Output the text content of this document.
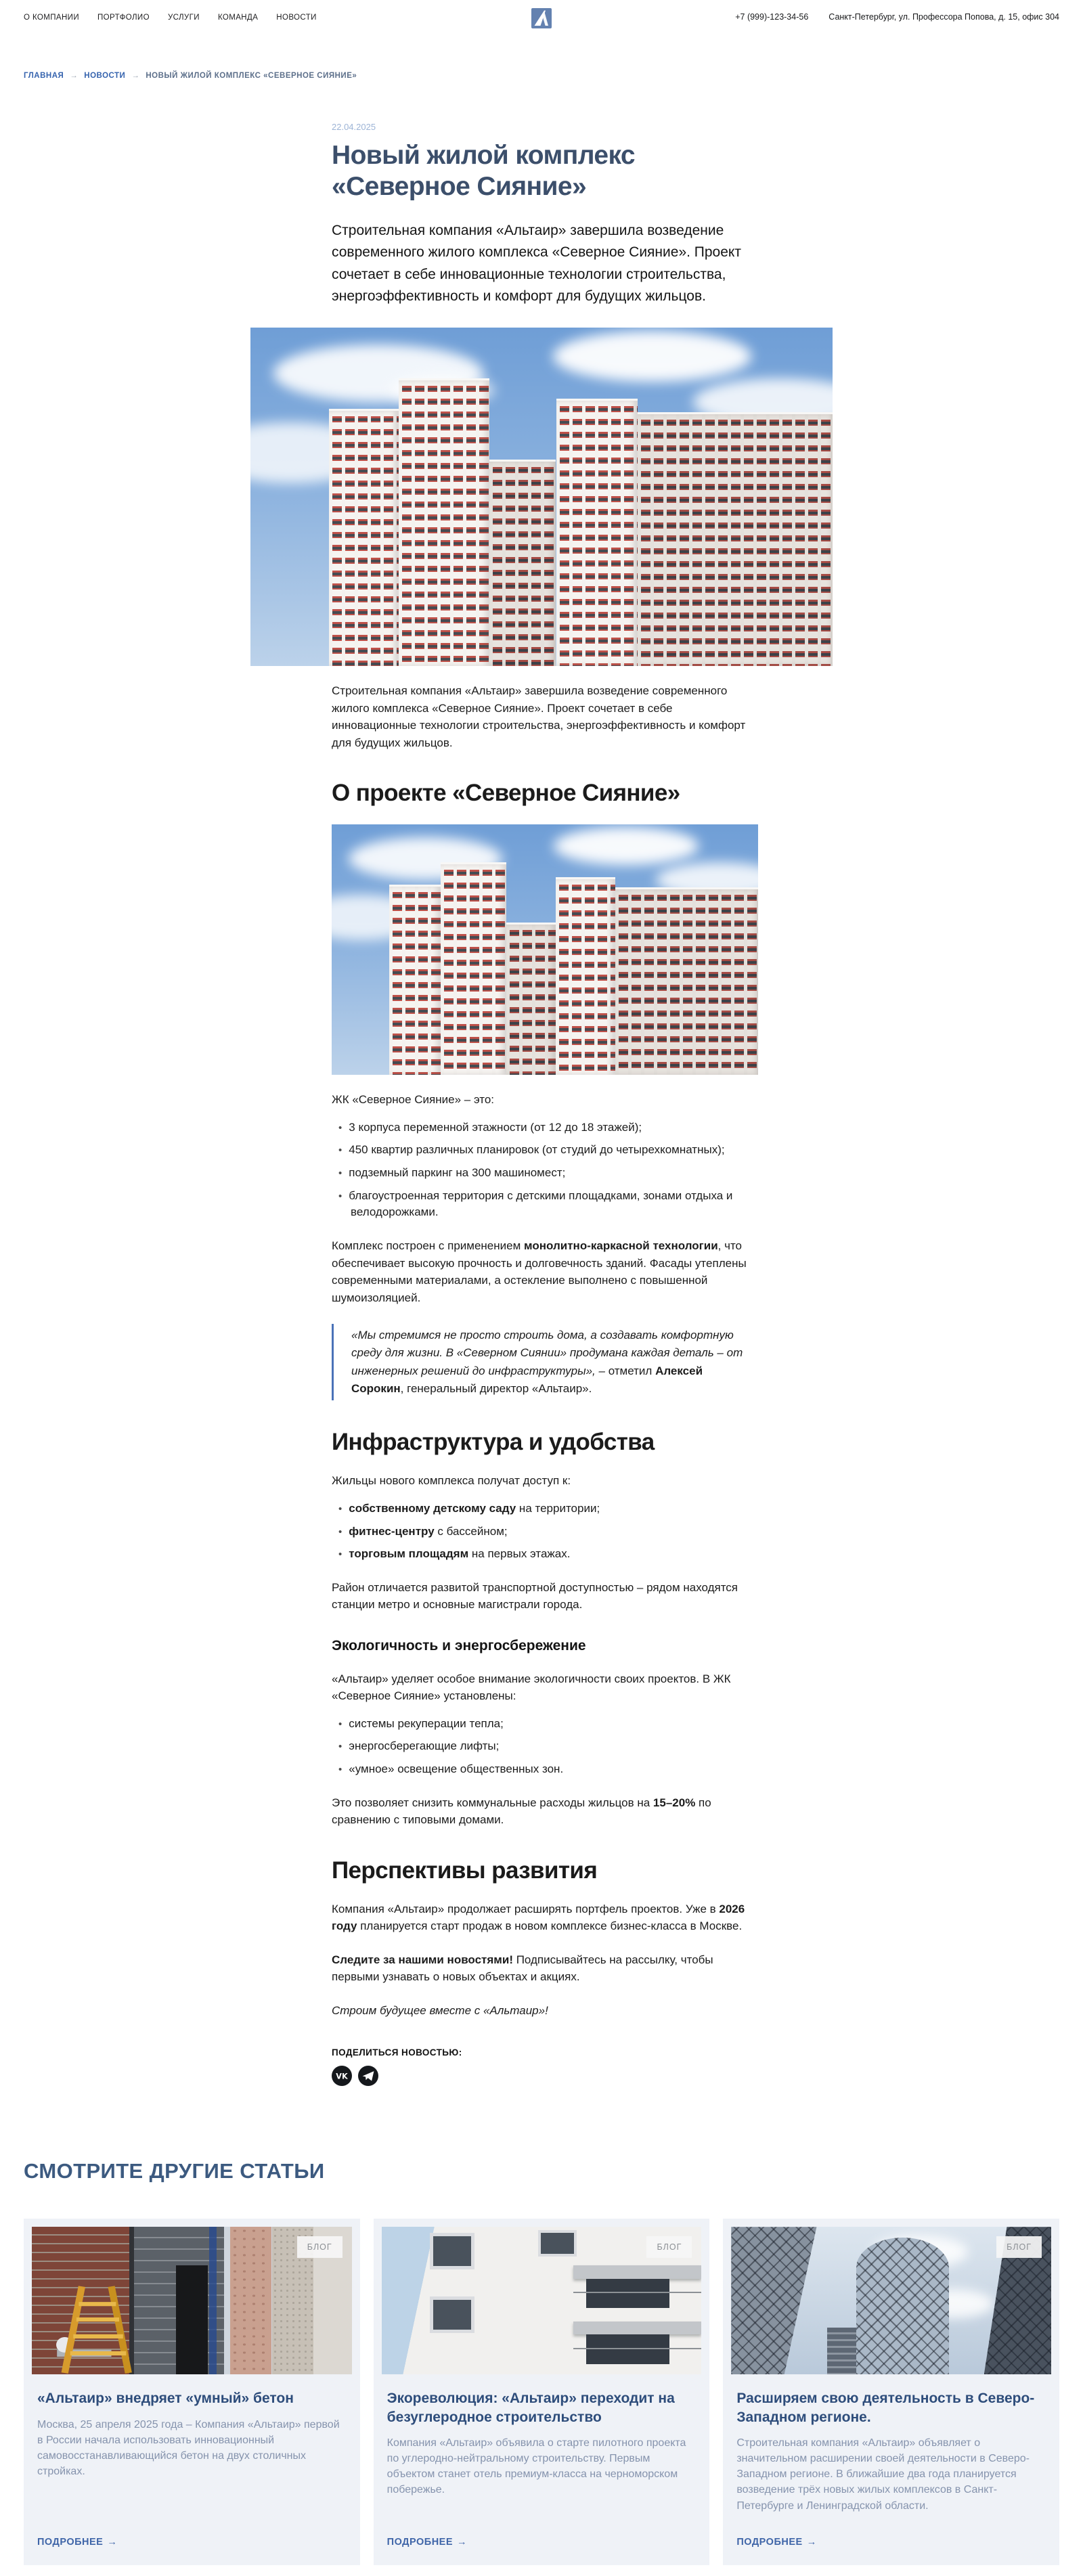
О КОМПАНИИ ПОРТФОЛИО УСЛУГИ КОМАНДА НОВОСТИ	+7 (999)-123-34-56 Санкт-Петербург, ул. Профессора Попова, д. 15, офис 304
ГЛАВНАЯ → НОВОСТИ → НОВЫЙ ЖИЛОЙ КОМПЛЕКС «СЕВЕРНОЕ СИЯНИЕ»
22.04.2025
Новый жилой комплекс «Северное Сияние»

Строительная компания «Альтаир» завершила возведение современного жилого комплекса «Северное Сияние». Проект сочетает в себе инновационные технологии строительства, энергоэффективность и комфорт для будущих жильцов.

Строительная компания «Альтаир» завершила возведение современного жилого комплекса «Северное Сияние». Проект сочетает в себе инновационные технологии строительства, энергоэффективность и комфорт для будущих жильцов.

О проекте «Северное Сияние»

ЖК «Северное Сияние» – это:

• 3 корпуса переменной этажности (от 12 до 18 этажей);
• 450 квартир различных планировок (от студий до четырехкомнатных);
• подземный паркинг на 300 машиномест;
• благоустроенная территория с детскими площадками, зонами отдыха и велодорожками.

Комплекс построен с применением монолитно-каркасной технологии, что обеспечивает высокую прочность и долговечность зданий. Фасады утеплены современными материалами, а остекление выполнено с повышенной шумоизоляцией.

«Мы стремимся не просто строить дома, а создавать комфортную среду для жизни. В «Северном Сиянии» продумана каждая деталь – от инженерных решений до инфраструктуры», – отметил Алексей Сорокин, генеральный директор «Альтаир».
Инфраструктура и удобства

Жильцы нового комплекса получат доступ к:

• собственному детскому саду на территории;
• фитнес-центру с бассейном;
• торговым площадям на первых этажах.

Район отличается развитой транспортной доступностью – рядом находятся станции метро и основные магистрали города.

Экологичность и энергосбережение

«Альтаир» уделяет особое внимание экологичности своих проектов. В ЖК «Северное Сияние» установлены:

• системы рекуперации тепла;
• энергосберегающие лифты;
• «умное» освещение общественных зон.

Это позволяет снизить коммунальные расходы жильцов на 15–20% по сравнению с типовыми домами.

Перспективы развития

Компания «Альтаир» продолжает расширять портфель проектов. Уже в 2026 году планируется старт продаж в новом комплексе бизнес-класса в Москве.

Следите за нашими новостями! Подписывайтесь на рассылку, чтобы первыми узнавать о новых объектах и акциях.

Строим будущее вместе с «Альтаир»!

ПОДЕЛИТЬСЯ НОВОСТЬЮ:
VK
СМОТРИТЕ ДРУГИЕ СТАТЬИ
БЛОГ
«Альтаир» внедряет «умный» бетон
Москва, 25 апреля 2025 года – Компания «Альтаир» первой в России начала использовать инновационный самовосстанавливающийся бетон на двух столичных стройках.
ПОДРОБНЕЕ →
БЛОГ
Экореволюция: «Альтаир» переходит на безуглеродное строительство
Компания «Альтаир» объявила о старте пилотного проекта по углеродно-нейтральному строительству. Первым объектом станет отель премиум-класса на черноморском побережье.
ПОДРОБНЕЕ →
БЛОГ
Расширяем свою деятельность в Северо-Западном регионе.
Строительная компания «Альтаир» объявляет о значительном расширении своей деятельности в Северо-Западном регионе. В ближайшие два года планируется возведение трёх новых жилых комплексов в Санкт-Петербурге и Ленинградской области.
ПОДРОБНЕЕ →
